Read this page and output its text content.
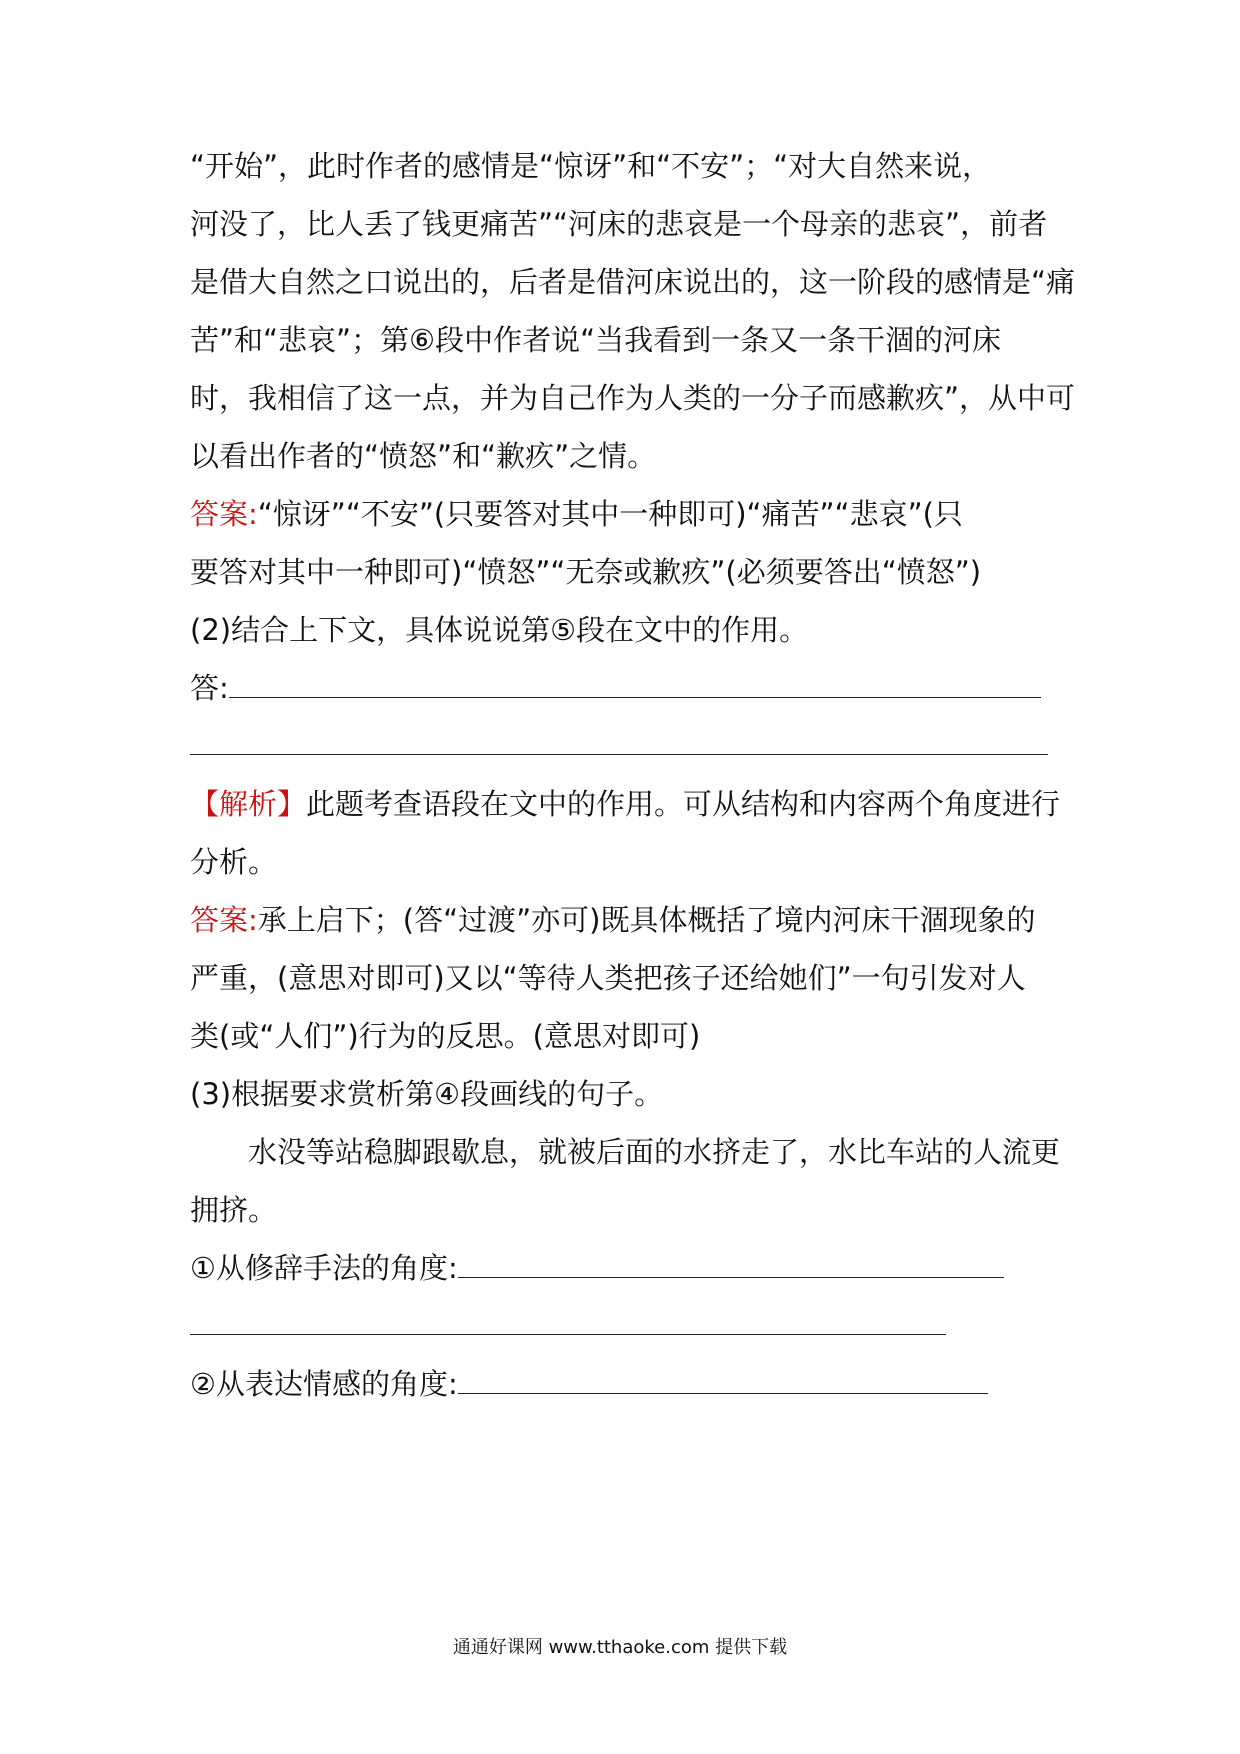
“开始”，此时作者的感情是“惊讶”和“不安”；“对大自然来说，
河没了，比人丢了钱更痛苦”“河床的悲哀是一个母亲的悲哀”，前者
是借大自然之口说出的，后者是借河床说出的，这一阶段的感情是“痛
苦”和“悲哀”；第⑥段中作者说“当我看到一条又一条干涸的河床
时，我相信了这一点，并为自己作为人类的一分子而感歉疚”，从中可
以看出作者的“愤怒”和“歉疚”之情。
答案:“惊讶”“不安”(只要答对其中一种即可)“痛苦”“悲哀”(只
要答对其中一种即可)“愤怒”“无奈或歉疚”(必须要答出“愤怒”)
(2)结合上下文，具体说说第⑤段在文中的作用。
答:
【解析】此题考查语段在文中的作用。可从结构和内容两个角度进行
分析。
答案:承上启下；(答“过渡”亦可)既具体概括了境内河床干涸现象的
严重，(意思对即可)又以“等待人类把孩子还给她们”一句引发对人
类(或“人们”)行为的反思。(意思对即可)
(3)根据要求赏析第④段画线的句子。
水没等站稳脚跟歇息，就被后面的水挤走了，水比车站的人流更
拥挤。
①从修辞手法的角度:
②从表达情感的角度:
通通好课网 www.tthaoke.com 提供下载
